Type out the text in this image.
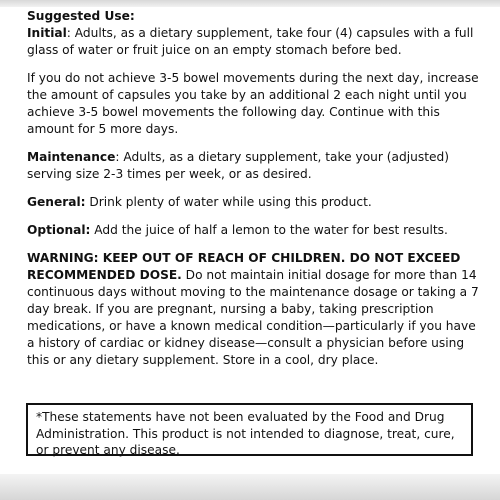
Suggested Use:
Initial: Adults, as a dietary supplement, take four (4) capsules with a full glass of water or fruit juice on an empty stomach before bed.

If you do not achieve 3-5 bowel movements during the next day, increase the amount of capsules you take by an additional 2 each night until you achieve 3-5 bowel movements the following day. Continue with this amount for 5 more days.

Maintenance: Adults, as a dietary supplement, take your (adjusted) serving size 2-3 times per week, or as desired.

General: Drink plenty of water while using this product.

Optional: Add the juice of half a lemon to the water for best results.

WARNING: KEEP OUT OF REACH OF CHILDREN. DO NOT EXCEED RECOMMENDED DOSE. Do not maintain initial dosage for more than 14 continuous days without moving to the maintenance dosage or taking a 7 day break. If you are pregnant, nursing a baby, taking prescription medications, or have a known medical condition—particularly if you have a history of cardiac or kidney disease—consult a physician before using this or any dietary supplement. Store in a cool, dry place.

*These statements have not been evaluated by the Food and Drug Administration. This product is not intended to diagnose, treat, cure, or prevent any disease.
